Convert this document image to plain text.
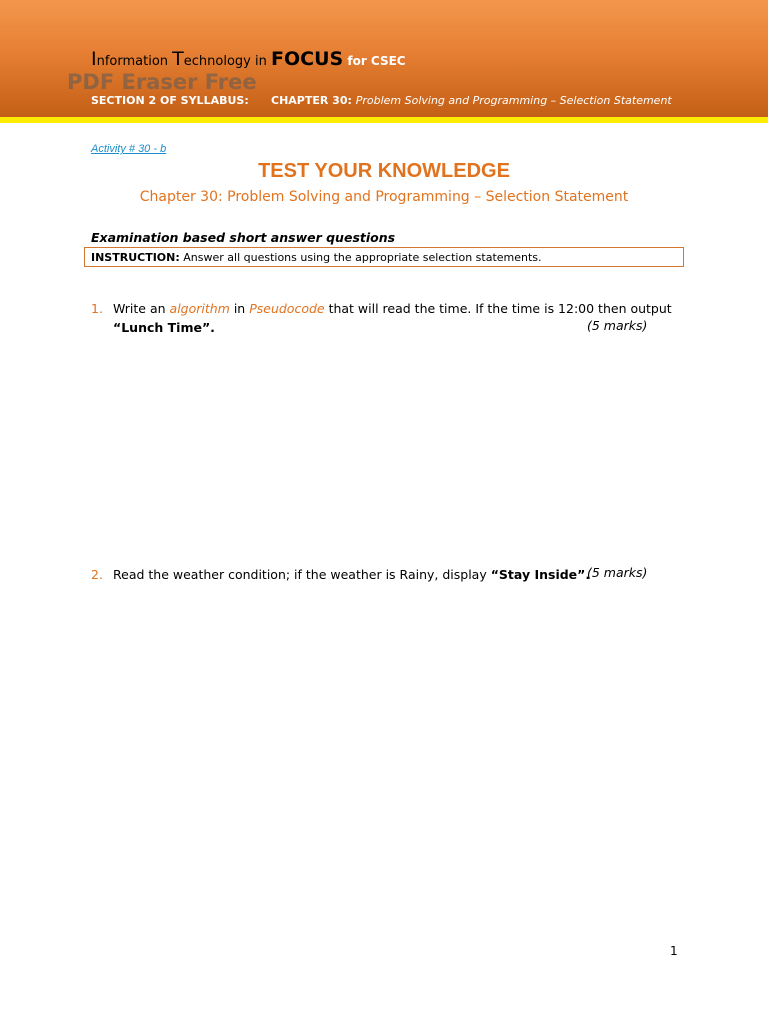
Information Technology in FOCUS for CSEC
PDF Eraser Free
SECTION 2 OF SYLLABUS: CHAPTER 30: Problem Solving and Programming – Selection Statement
Activity # 30 - b
TEST YOUR KNOWLEDGE
Chapter 30: Problem Solving and Programming – Selection Statement
Examination based short answer questions
INSTRUCTION: Answer all questions using the appropriate selection statements.
1. Write an algorithm in Pseudocode that will read the time. If the time is 12:00 then output “Lunch Time”.	(5 marks)
2. Read the weather condition; if the weather is Rainy, display “Stay Inside”.
(5 marks)
1
